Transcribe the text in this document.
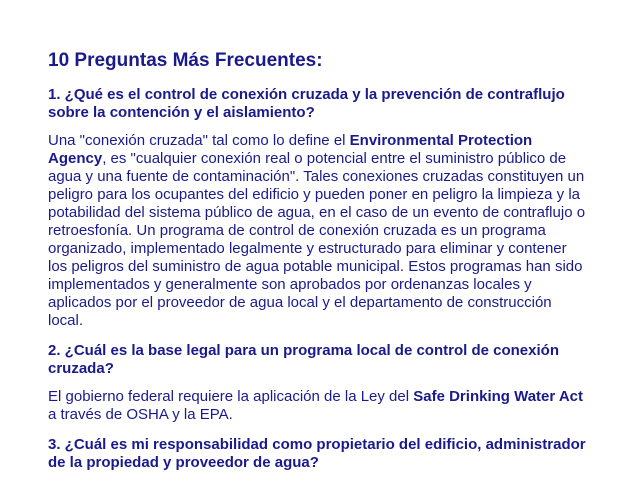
10 Preguntas Más Frecuentes:
1. ¿Qué es el control de conexión cruzada y la prevención de contraflujo sobre la contención y el aislamiento?
Una "conexión cruzada" tal como lo define el Environmental Protection Agency, es "cualquier conexión real o potencial entre el suministro público de agua y una fuente de contaminación". Tales conexiones cruzadas constituyen un peligro para los ocupantes del edificio y pueden poner en peligro la limpieza y la potabilidad del sistema público de agua, en el caso de un evento de contraflujo o retroesfonía. Un programa de control de conexión cruzada es un programa organizado, implementado legalmente y estructurado para eliminar y contener los peligros del suministro de agua potable municipal. Estos programas han sido implementados y generalmente son aprobados por ordenanzas locales y aplicados por el proveedor de agua local y el departamento de construcción local.
2. ¿Cuál es la base legal para un programa local de control de conexión cruzada?
El gobierno federal requiere la aplicación de la Ley del Safe Drinking Water Act a través de OSHA y la EPA.
3. ¿Cuál es mi responsabilidad como propietario del edificio, administrador de la propiedad y proveedor de agua?
